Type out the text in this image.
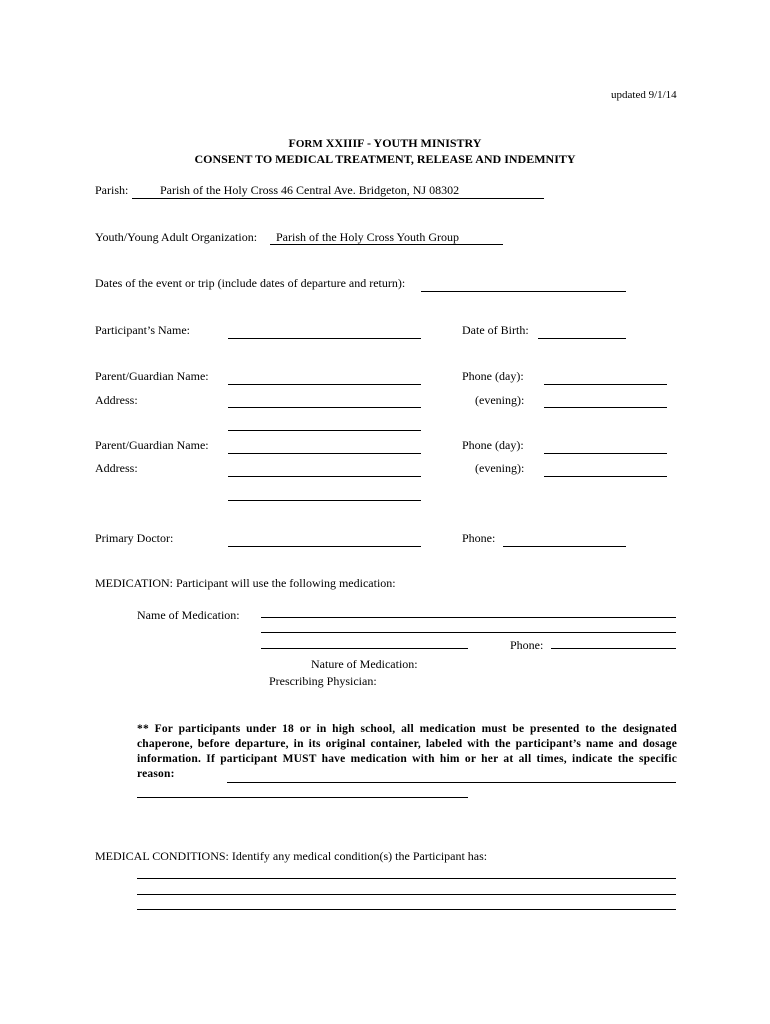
updated 9/1/14
FORM XXIIIF - YOUTH MINISTRY
CONSENT TO MEDICAL TREATMENT, RELEASE AND INDEMNITY
Parish:	Parish of the Holy Cross 46 Central Ave. Bridgeton, NJ 08302
Youth/Young Adult Organization: Parish of the Holy Cross Youth Group
Dates of the event or trip (include dates of departure and return):
Participant’s Name:	Date of Birth:
Parent/Guardian Name:	Phone (day):
Address:	(evening):
Parent/Guardian Name:	Phone (day):
Address:	(evening):
Primary Doctor:	Phone:
MEDICATION: Participant will use the following medication:
Name of Medication:
Phone:
Nature of Medication:
Prescribing Physician:
** For participants under 18 or in high school, all medication must be presented to the designated chaperone, before departure, in its original container, labeled with the participant’s name and dosage information. If participant MUST have medication with him or her at all times, indicate the specific reason:
MEDICAL CONDITIONS: Identify any medical condition(s) the Participant has:
